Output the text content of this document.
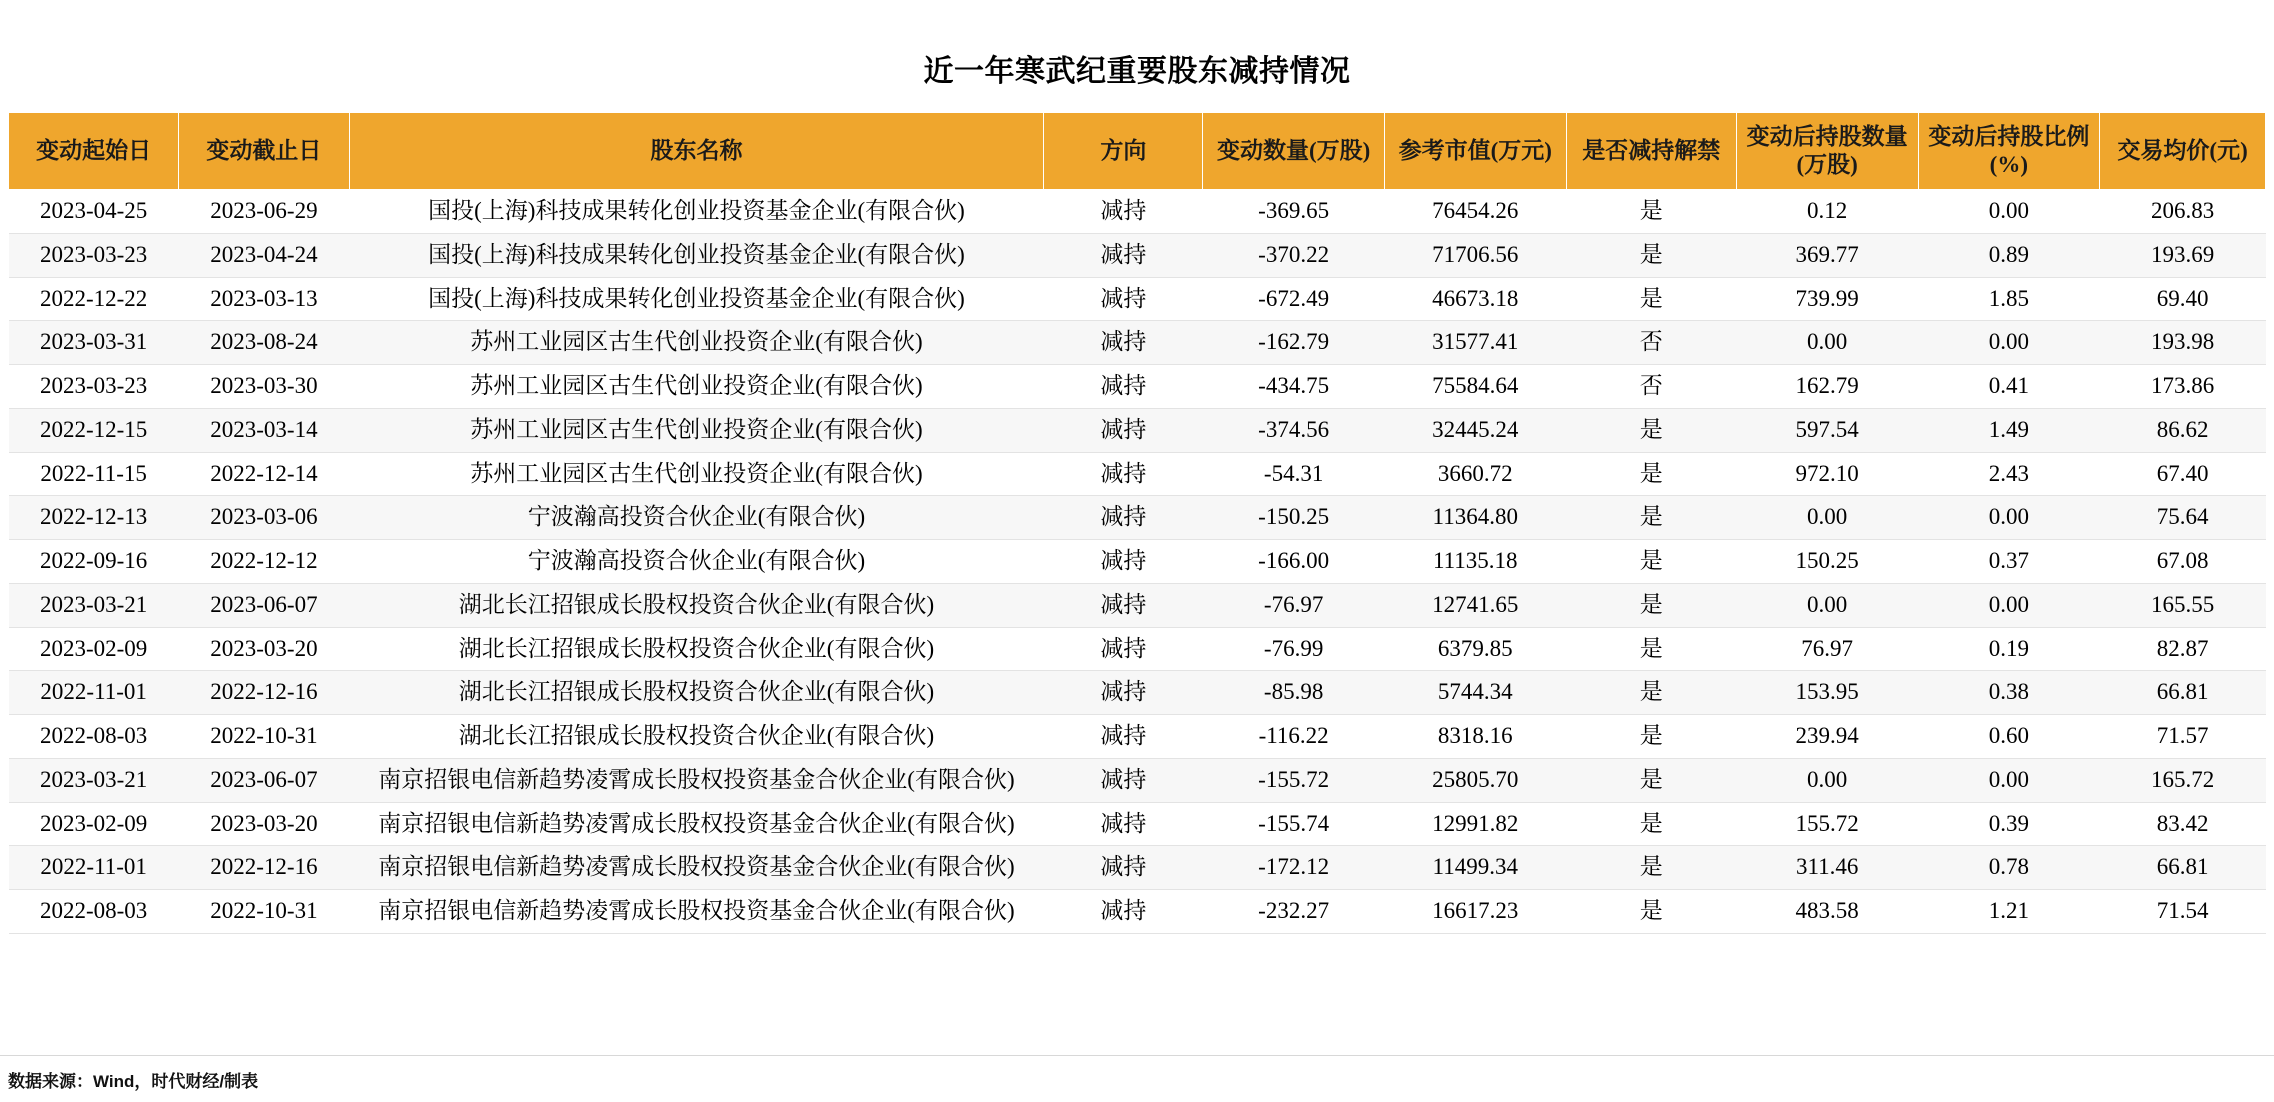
近一年寒武纪重要股东减持情况
变动起始日	变动截止日	股东名称	方向	变动数量(万股)	参考市值(万元)	是否减持解禁	变动后持股数量(万股)	变动后持股比例(%)	交易均价(元)
2023-04-25	2023-06-29	国投(上海)科技成果转化创业投资基金企业(有限合伙)	减持	-369.65	76454.26	是	0.12	0.00	206.83
2023-03-23	2023-04-24	国投(上海)科技成果转化创业投资基金企业(有限合伙)	减持	-370.22	71706.56	是	369.77	0.89	193.69
2022-12-22	2023-03-13	国投(上海)科技成果转化创业投资基金企业(有限合伙)	减持	-672.49	46673.18	是	739.99	1.85	69.40
2023-03-31	2023-08-24	苏州工业园区古生代创业投资企业(有限合伙)	减持	-162.79	31577.41	否	0.00	0.00	193.98
2023-03-23	2023-03-30	苏州工业园区古生代创业投资企业(有限合伙)	减持	-434.75	75584.64	否	162.79	0.41	173.86
2022-12-15	2023-03-14	苏州工业园区古生代创业投资企业(有限合伙)	减持	-374.56	32445.24	是	597.54	1.49	86.62
2022-11-15	2022-12-14	苏州工业园区古生代创业投资企业(有限合伙)	减持	-54.31	3660.72	是	972.10	2.43	67.40
2022-12-13	2023-03-06	宁波瀚高投资合伙企业(有限合伙)	减持	-150.25	11364.80	是	0.00	0.00	75.64
2022-09-16	2022-12-12	宁波瀚高投资合伙企业(有限合伙)	减持	-166.00	11135.18	是	150.25	0.37	67.08
2023-03-21	2023-06-07	湖北长江招银成长股权投资合伙企业(有限合伙)	减持	-76.97	12741.65	是	0.00	0.00	165.55
2023-02-09	2023-03-20	湖北长江招银成长股权投资合伙企业(有限合伙)	减持	-76.99	6379.85	是	76.97	0.19	82.87
2022-11-01	2022-12-16	湖北长江招银成长股权投资合伙企业(有限合伙)	减持	-85.98	5744.34	是	153.95	0.38	66.81
2022-08-03	2022-10-31	湖北长江招银成长股权投资合伙企业(有限合伙)	减持	-116.22	8318.16	是	239.94	0.60	71.57
2023-03-21	2023-06-07	南京招银电信新趋势凌霄成长股权投资基金合伙企业(有限合伙)	减持	-155.72	25805.70	是	0.00	0.00	165.72
2023-02-09	2023-03-20	南京招银电信新趋势凌霄成长股权投资基金合伙企业(有限合伙)	减持	-155.74	12991.82	是	155.72	0.39	83.42
2022-11-01	2022-12-16	南京招银电信新趋势凌霄成长股权投资基金合伙企业(有限合伙)	减持	-172.12	11499.34	是	311.46	0.78	66.81
2022-08-03	2022-10-31	南京招银电信新趋势凌霄成长股权投资基金合伙企业(有限合伙)	减持	-232.27	16617.23	是	483.58	1.21	71.54
数据来源：Wind，时代财经/制表
